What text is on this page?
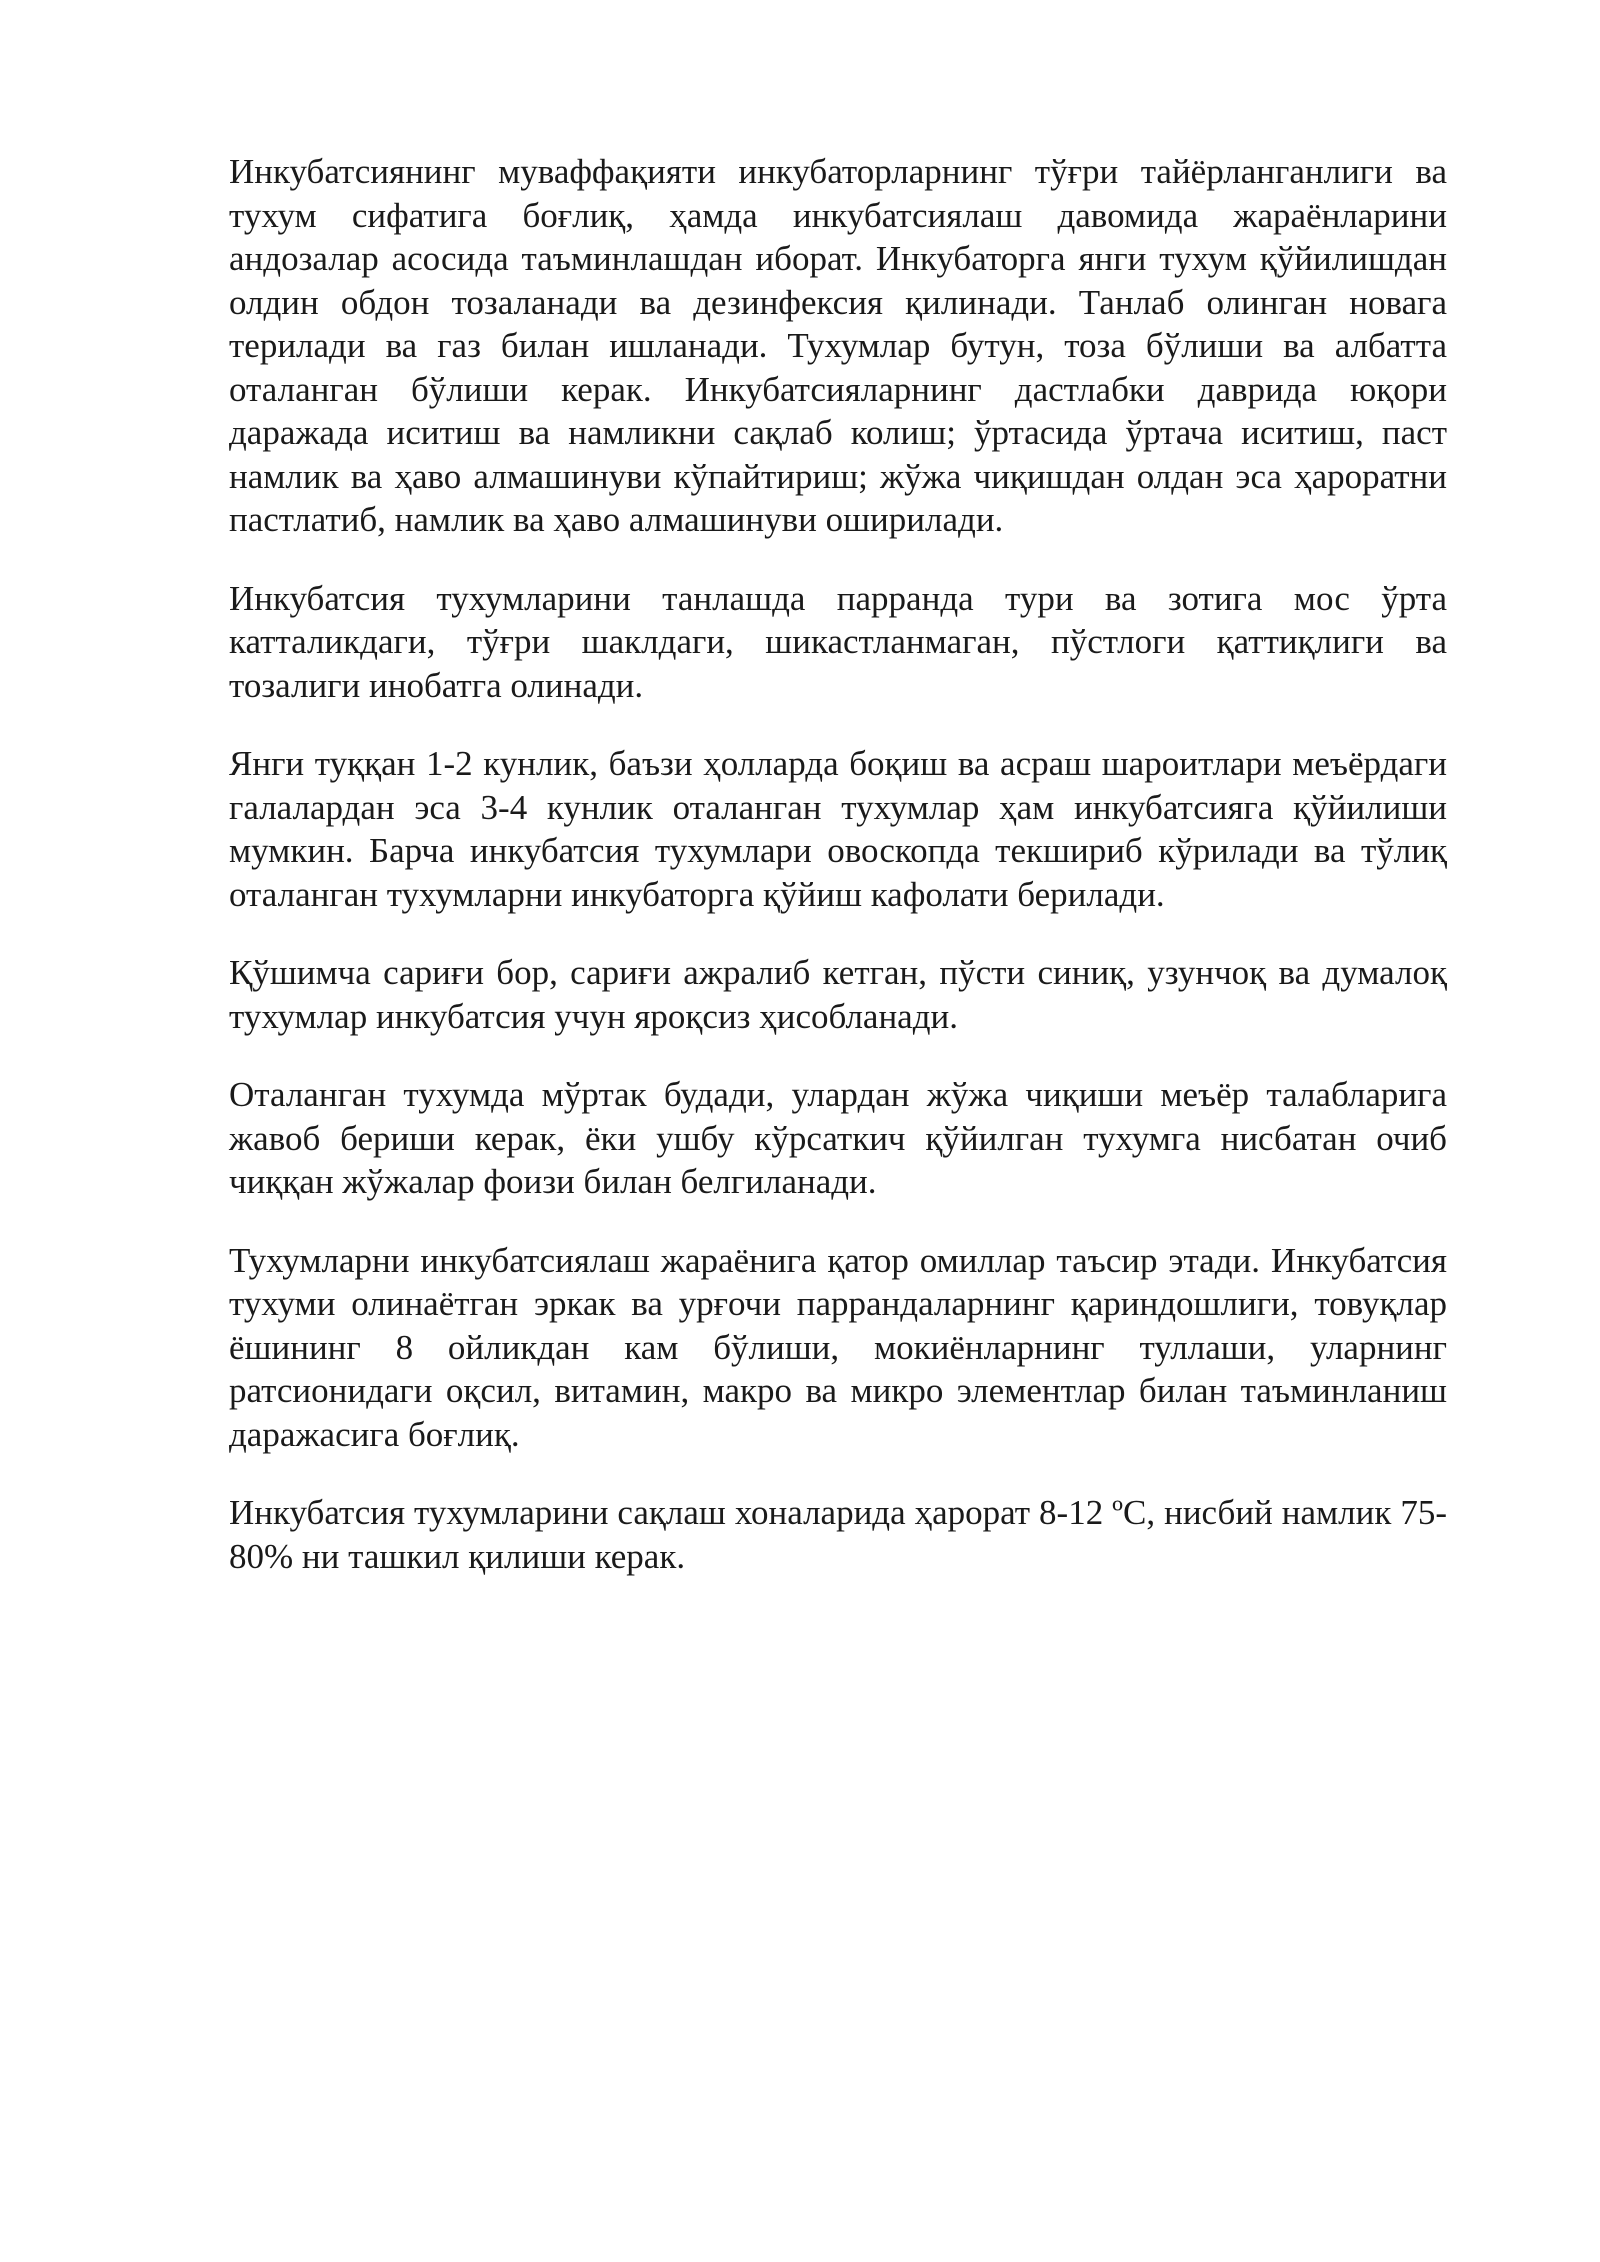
Инкубатсиянинг муваффақияти инкубаторларнинг тўғри тайёрланганлиги ва тухум сифатига боғлиқ, ҳамда инкубатсиялаш давомида жараёнларини андозалар асосида таъминлашдан иборат. Инкубаторга янги тухум қўйилишдан олдин обдон тозаланади ва дезинфексия қилинади. Танлаб олинган новага терилади ва газ билан ишланади. Тухумлар бутун, тоза бўлиши ва албатта оталанган бўлиши керак. Инкубатсияларнинг дастлабки даврида юқори даражада иситиш ва намликни сақлаб колиш; ўртасида ўртача иситиш, паст намлик ва ҳаво алмашинуви кўпайтириш; жўжа чиқишдан олдан эса ҳароратни пастлатиб, намлик ва ҳаво алмашинуви оширилади.

Инкубатсия тухумларини танлашда парранда тури ва зотига мос ўрта катталикдаги, тўғри шаклдаги, шикастланмаган, пўстлоги қаттиқлиги ва тозалиги инобатга олинади.

Янги туққан 1-2 кунлик, баъзи ҳолларда боқиш ва асраш шароитлари меъёрдаги галалардан эса 3-4 кунлик оталанган тухумлар ҳам инкубатсияга қўйилиши мумкин. Барча инкубатсия тухумлари овоскопда текшириб кўрилади ва тўлиқ оталанган тухумларни инкубаторга қўйиш кафолати берилади.

Қўшимча сариғи бор, сариғи ажралиб кетган, пўсти синиқ, узунчоқ ва думалоқ тухумлар инкубатсия учун яроқсиз ҳисобланади.

Оталанган тухумда мўртак будади, улардан жўжа чиқиши меъёр талабларига жавоб бериши керак, ёки ушбу кўрсаткич қўйилган тухумга нисбатан очиб чиққан жўжалар фоизи билан белгиланади.

Тухумларни инкубатсиялаш жараёнига қатор омиллар таъсир этади. Инкубатсия тухуми олинаётган эркак ва урғочи паррандаларнинг қариндошлиги, товуқлар ёшининг 8 ойликдан кам бўлиши, мокиёнларнинг туллаши, уларнинг ратсионидаги оқсил, витамин, макро ва микро элементлар билан таъминланиш даражасига боғлиқ.

Инкубатсия тухумларини сақлаш хоналарида ҳарорат 8-12 ºС, нисбий намлик 75-80% ни ташкил қилиши керак.
